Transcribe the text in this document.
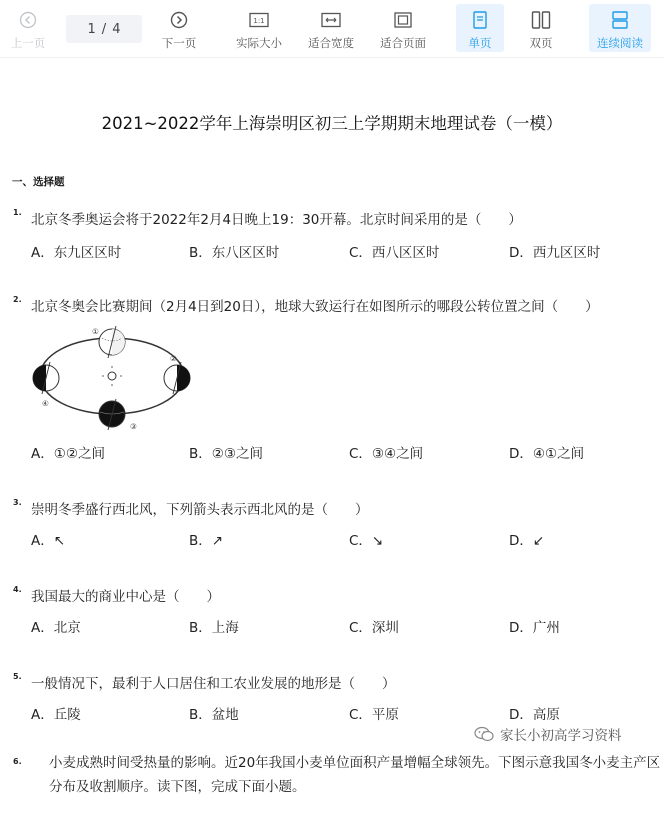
上一页
1 / 4
下一页
1:1
实际大小 适合宽度 适合页面	单页	双页	连续阅读
2021~2022学年上海崇明区初三上学期期末地理试卷（一模）
一、选择题
1. 北京冬季奥运会将于2022年2月4日晚上19：30开幕。北京时间采用的是（　　）
A．东九区区时	B．东八区区时	C．西八区区时	D．西九区区时
2. 北京冬奥会比赛期间（2月4日到20日），地球大致运行在如图所示的哪段公转位置之间（　　）
①
②
③
④
A．①②之间	B．②③之间	C．③④之间	D．④①之间
3. 崇明冬季盛行西北风，下列箭头表示西北风的是（　　）
A．↖	B．↗	C．↘	D．↙
4. 我国最大的商业中心是（　　）
A．北京	B．上海	C．深圳	D．广州
5. 一般情况下，最利于人口居住和工农业发展的地形是（　　）
A．丘陵	B．盆地	C．平原	D．高原
6.	小麦成熟时间受热量的影响。近20年我国小麦单位面积产量增幅全球领先。下图示意我国冬小麦主产区分布及收割顺序。读下图，完成下面小题。
家长小初高学习资料
